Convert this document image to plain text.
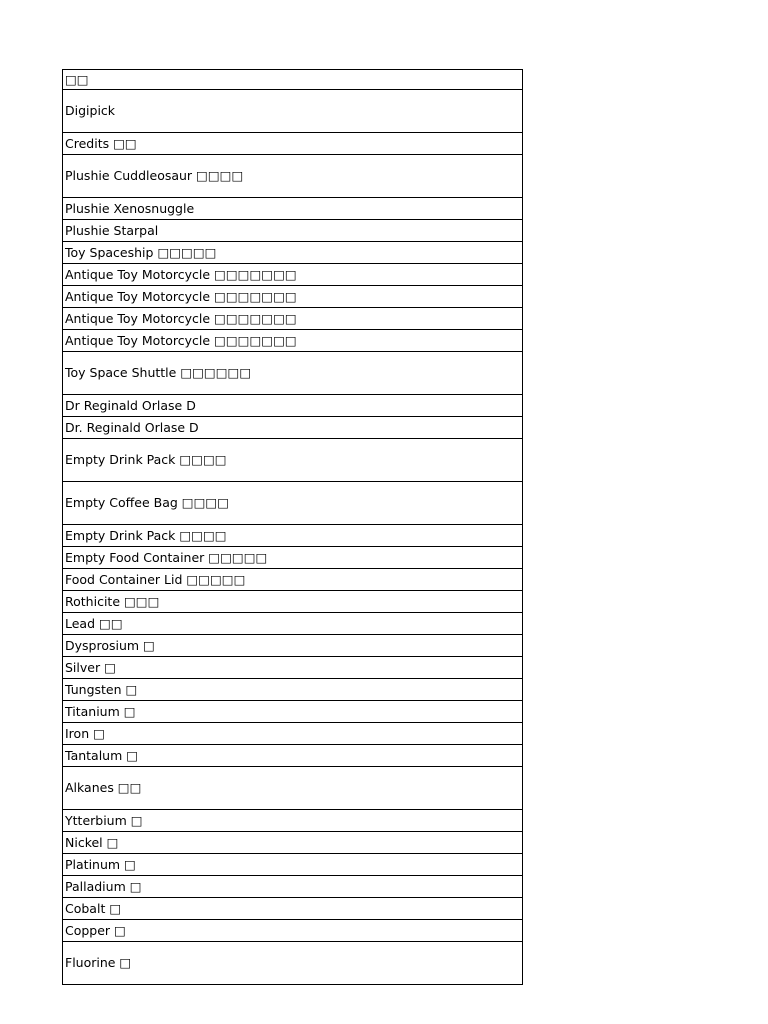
□□
Digipick
Credits □□
Plushie Cuddleosaur □□□□
Plushie Xenosnuggle
Plushie Starpal
Toy Spaceship □□□□□
Antique Toy Motorcycle □□□□□□□
Antique Toy Motorcycle □□□□□□□
Antique Toy Motorcycle □□□□□□□
Antique Toy Motorcycle □□□□□□□
Toy Space Shuttle □□□□□□
Dr Reginald Orlase D
Dr. Reginald Orlase D
Empty Drink Pack □□□□
Empty Coffee Bag □□□□
Empty Drink Pack □□□□
Empty Food Container □□□□□
Food Container Lid □□□□□
Rothicite □□□
Lead □□
Dysprosium □
Silver □
Tungsten □
Titanium □
Iron □
Tantalum □
Alkanes □□
Ytterbium □
Nickel □
Platinum □
Palladium □
Cobalt □
Copper □
Fluorine □
